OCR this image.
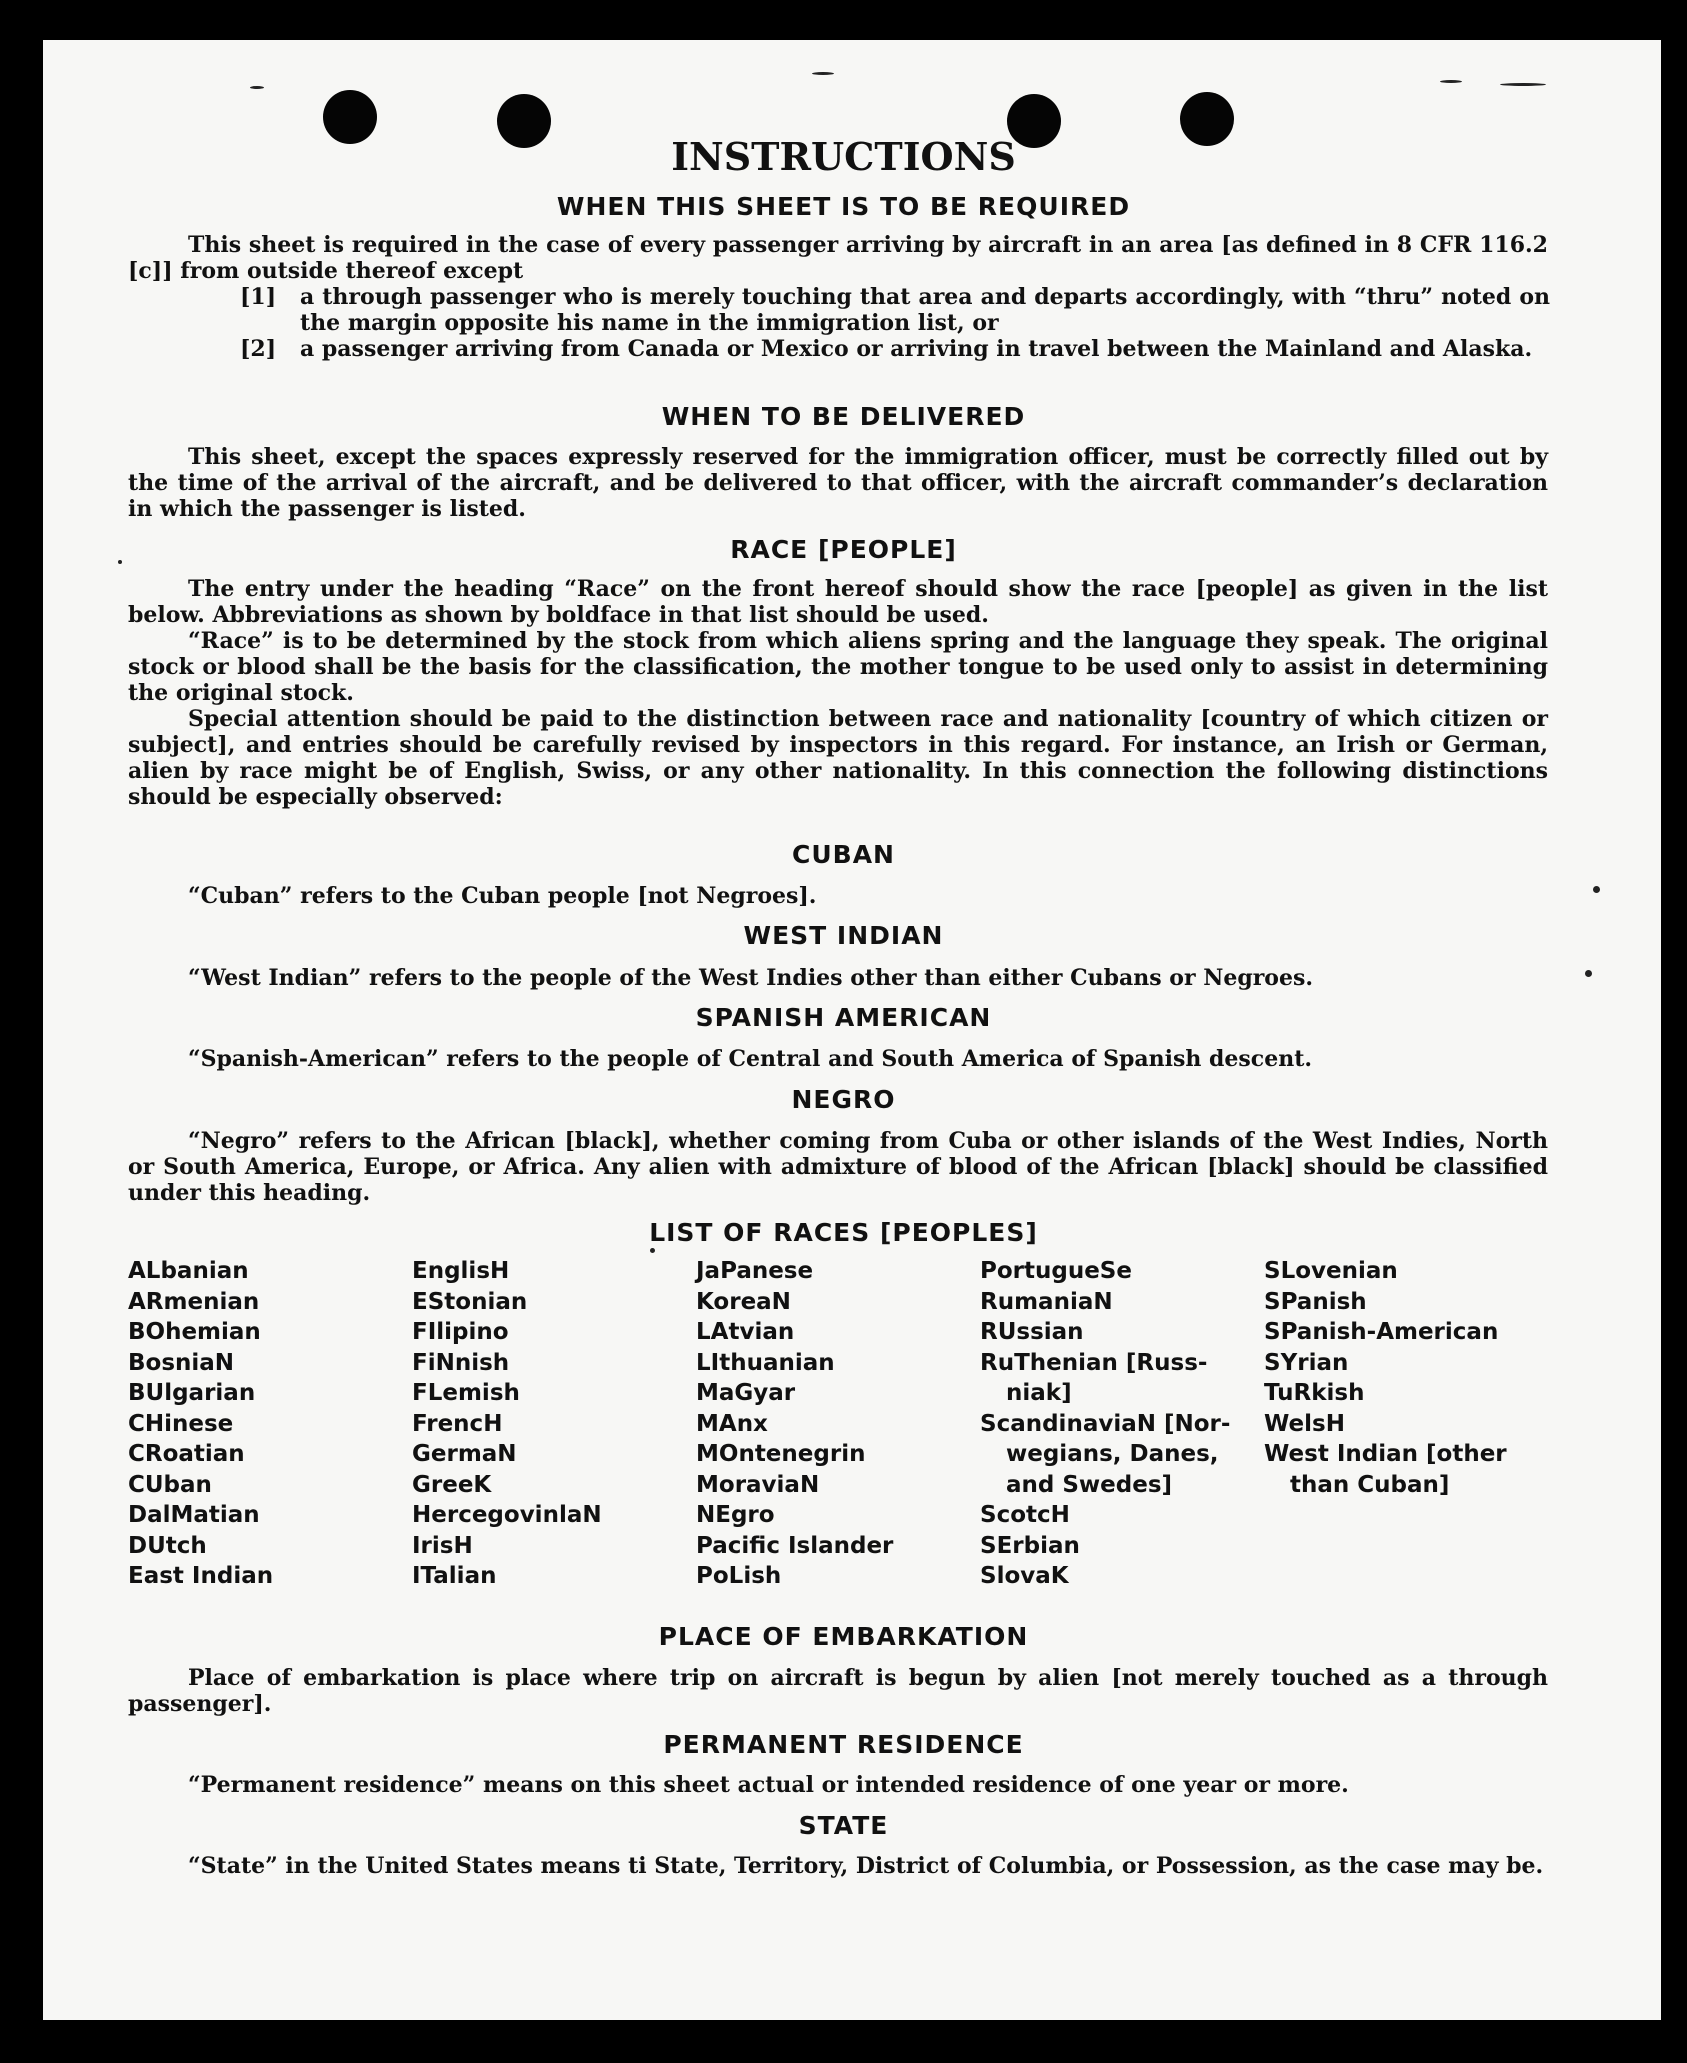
INSTRUCTIONS
WHEN THIS SHEET IS TO BE REQUIRED

This sheet is required in the case of every passenger arriving by aircraft in an area [as defined in 8 CFR 116.2 [c]] from outside thereof except

[1]	a through passenger who is merely touching that area and departs accordingly, with “thru” noted on the margin opposite his name in the immigration list, or
[2]	a passenger arriving from Canada or Mexico or arriving in travel between the Mainland and Alaska.
WHEN TO BE DELIVERED

This sheet, except the spaces expressly reserved for the immigration officer, must be correctly filled out by the time of the arrival of the aircraft, and be delivered to that officer, with the aircraft commander’s declaration in which the passenger is listed.

RACE [PEOPLE]

The entry under the heading “Race” on the front hereof should show the race [people] as given in the list below. Abbreviations as shown by boldface in that list should be used.

“Race” is to be determined by the stock from which aliens spring and the language they speak. The original stock or blood shall be the basis for the classification, the mother tongue to be used only to assist in determining the original stock.

Special attention should be paid to the distinction between race and nationality [country of which citizen or subject], and entries should be carefully revised by inspectors in this regard. For instance, an Irish or German, alien by race might be of English, Swiss, or any other nationality. In this connection the following distinctions should be especially observed:

CUBAN

“Cuban” refers to the Cuban people [not Negroes].

WEST INDIAN

“West Indian” refers to the people of the West Indies other than either Cubans or Negroes.

SPANISH AMERICAN

“Spanish-American” refers to the people of Central and South America of Spanish descent.

NEGRO

“Negro” refers to the African [black], whether coming from Cuba or other islands of the West Indies, North or South America, Europe, or Africa. Any alien with admixture of blood of the African [black] should be classified under this heading.

LIST OF RACES [PEOPLES]
ALbanian
ARmenian
BOhemian
BosniaN
BUlgarian
CHinese
CRoatian
CUban
DalMatian
DUtch
East Indian
EnglisH
EStonian
FIlipino
FiNnish
FLemish
FrencH
GermaN
GreeK
HercegovinlaN
IrisH
ITalian
JaPanese
KoreaN
LAtvian
LIthuanian
MaGyar
MAnx
MOntenegrin
MoraviaN
NEgro
Pacific Islander
PoLish
PortugueSe
RumaniaN
RUssian
RuThenian [Russ-
niak]
ScandinaviaN [Nor-
wegians, Danes,
and Swedes]
ScotcH
SErbian
SlovaK
SLovenian
SPanish
SPanish-American
SYrian
TuRkish
WelsH
West Indian [other
than Cuban]
PLACE OF EMBARKATION

Place of embarkation is place where trip on aircraft is begun by alien [not merely touched as a through passenger].

PERMANENT RESIDENCE

“Permanent residence” means on this sheet actual or intended residence of one year or more.

STATE

“State” in the United States means ti State, Territory, District of Columbia, or Possession, as the case may be.
